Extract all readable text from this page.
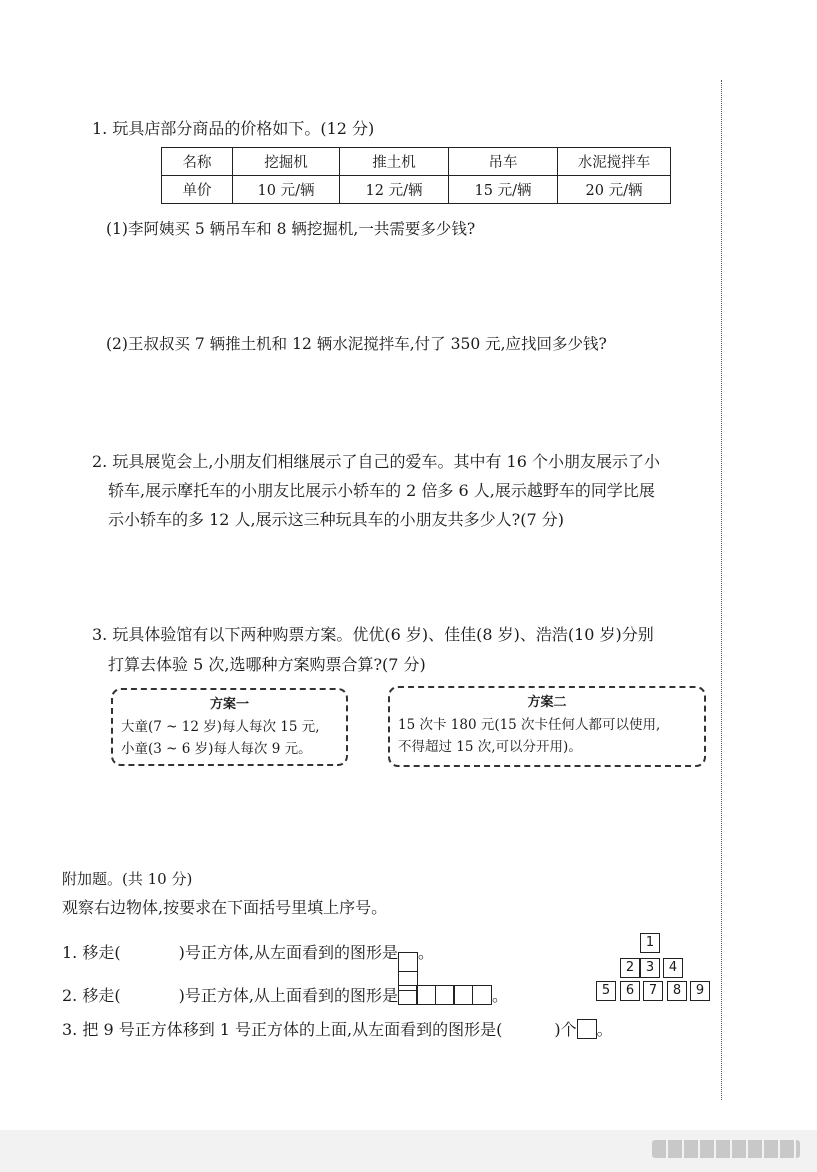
1. 玩具店部分商品的价格如下。(12 分)
名称	挖掘机	推土机	吊车	水泥搅拌车
单价	10 元/辆	12 元/辆	15 元/辆	20 元/辆
(1)李阿姨买 5 辆吊车和 8 辆挖掘机,一共需要多少钱?
(2)王叔叔买 7 辆推土机和 12 辆水泥搅拌车,付了 350 元,应找回多少钱?
2. 玩具展览会上,小朋友们相继展示了自己的爱车。其中有 16 个小朋友展示了小
轿车,展示摩托车的小朋友比展示小轿车的 2 倍多 6 人,展示越野车的同学比展
示小轿车的多 12 人,展示这三种玩具车的小朋友共多少人?(7 分)
3. 玩具体验馆有以下两种购票方案。优优(6 岁)、佳佳(8 岁)、浩浩(10 岁)分别
打算去体验 5 次,选哪种方案购票合算?(7 分)
方案一
大童(7 ~ 12 岁)每人每次 15 元,
小童(3 ~ 6 岁)每人每次 9 元。
方案二
15 次卡 180 元(15 次卡任何人都可以使用,
不得超过 15 次,可以分开用)。
附加题。(共 10 分)
观察右边物体,按要求在下面括号里填上序号。
1. 移走(	)号正方体,从左面看到的图形是 。
2. 移走(	)号正方体,从上面看到的图形是	。
3. 把 9 号正方体移到 1 号正方体的上面,从左面看到的图形是(	)个 。
1
2 3	4
5	6	7	8	9
